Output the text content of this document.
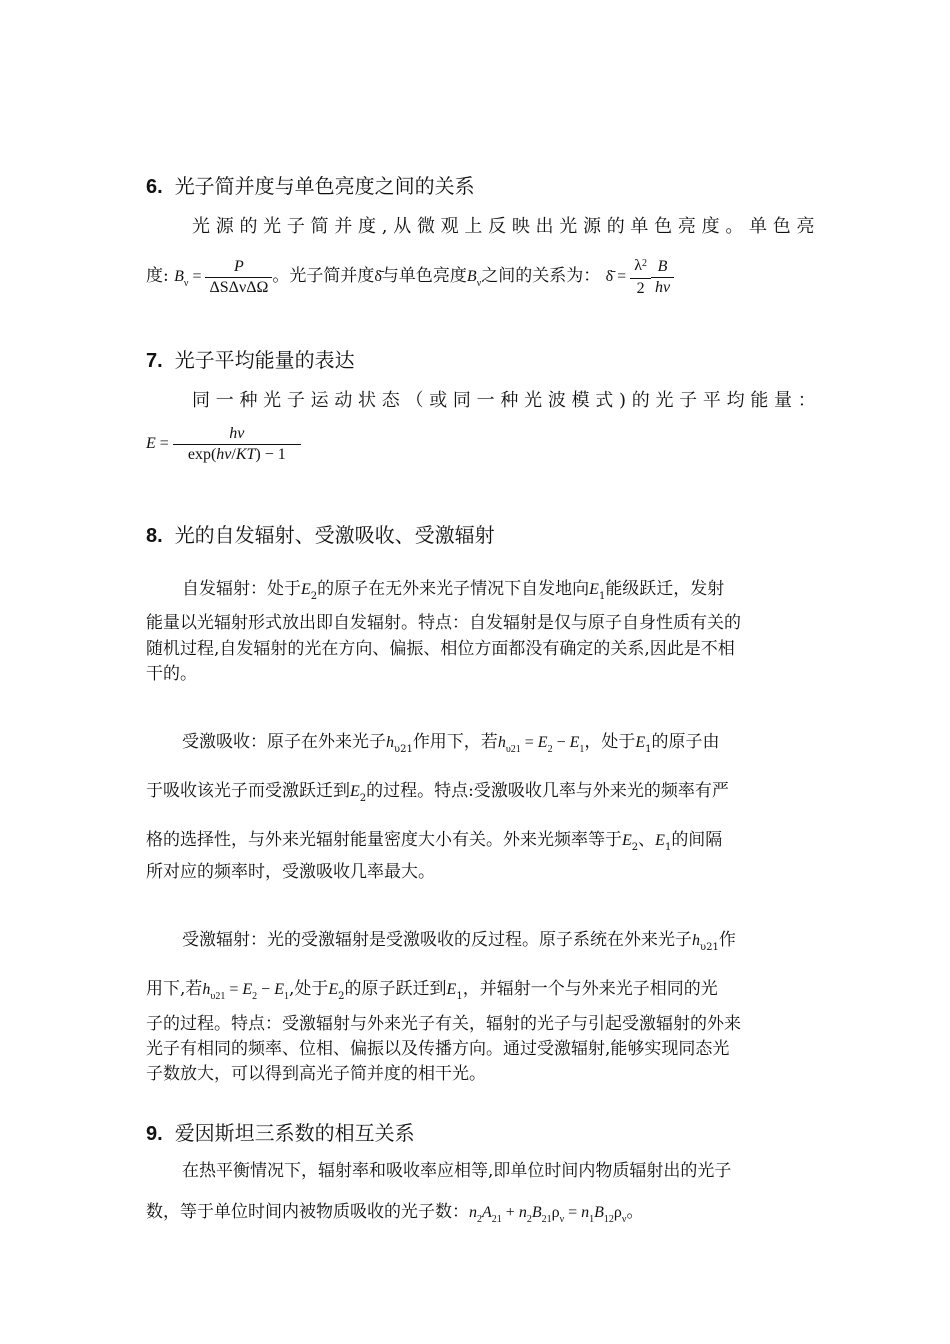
6. 光子简并度与单色亮度之间的关系
光 源 的 光 子 简 并 度 , 从 微 观 上 反 映 出 光 源 的 单 色 亮 度 。 单 色 亮
度: $B_\nu = \frac{P}{\text{ΔSΔνΔΩ}}$ 。光子简并度δ̄与单色亮度$B_\nu$之间的关系为： δ̄ = $\frac{\lambda^2}{2} \frac{B}{h\nu}$
7. 光子平均能量的表达
同 一 种 光 子 运 动 状 态 （ 或 同 一 种 光 波 模 式 ) 的 光 子 平 均 能 量 ：
$E = \frac{h\nu}{\exp(h\nu/KT) - 1}$
8. 光的自发辐射、受激吸收、受激辐射
自发辐射：处于$E_2$的原子在无外来光子情况下自发地向$E_1$能级跃迁，发射
能量以光辐射形式放出即自发辐射。特点：自发辐射是仅与原子自身性质有关的
随机过程,自发辐射的光在方向、偏振、相位方面都没有确定的关系,因此是不相
干的。
受激吸收：原子在外来光子$h_{\upsilon 21}$作用下，若$h_{\upsilon 21} = E_2 - E_1$，处于$E_1$的原子由
于吸收该光子而受激跃迁到$E_2$的过程。特点:受激吸收几率与外来光的频率有严
格的选择性，与外来光辐射能量密度大小有关。外来光频率等于$E_2$、$E_1$的间隔
所对应的频率时，受激吸收几率最大。
受激辐射：光的受激辐射是受激吸收的反过程。原子系统在外来光子$h_{\upsilon 21}$作
用下,若$h_{\upsilon 21} = E_2 - E_1$,处于$E_2$的原子跃迁到$E_1$，并辐射一个与外来光子相同的光
子的过程。特点：受激辐射与外来光子有关，辐射的光子与引起受激辐射的外来
光子有相同的频率、位相、偏振以及传播方向。通过受激辐射,能够实现同态光
子数放大，可以得到高光子简并度的相干光。
9. 爱因斯坦三系数的相互关系
在热平衡情况下，辐射率和吸收率应相等,即单位时间内物质辐射出的光子
数，等于单位时间内被物质吸收的光子数：$n_2A_{21} + n_2B_{21}\rho_\nu = n_1B_{12}\rho_\nu$。
